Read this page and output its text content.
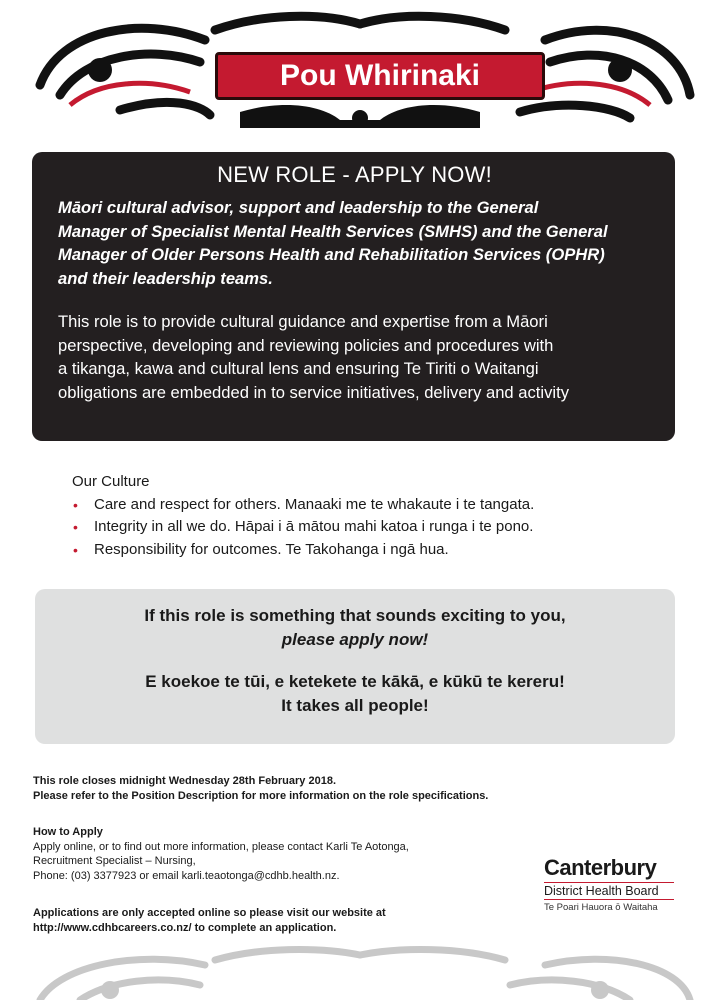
Pou Whirinaki
NEW ROLE - APPLY NOW!

Māori cultural advisor, support and leadership to the General
Manager of Specialist Mental Health Services (SMHS) and the General
Manager of Older Persons Health and Rehabilitation Services (OPHR)
and their leadership teams.

This role is to provide cultural guidance and expertise from a Māori
perspective, developing and reviewing policies and procedures with
a tikanga, kawa and cultural lens and ensuring Te Tiriti o Waitangi
obligations are embedded in to service initiatives, delivery and activity

Our Culture
• Care and respect for others. Manaaki me te whakaute i te tangata.
• Integrity in all we do. Hāpai i ā mātou mahi katoa i runga i te pono.
• Responsibility for outcomes. Te Takohanga i ngā hua.
If this role is something that sounds exciting to you,
please apply now!
E koekoe te tūi, e ketekete te kākā, e kūkū te kereru!
It takes all people!
This role closes midnight Wednesday 28th February 2018.
Please refer to the Position Description for more information on the role specifications.
How to Apply
Apply online, or to find out more information, please contact Karli Te Aotonga,
Recruitment Specialist – Nursing,
Phone: (03) 3377923 or email karli.teaotonga@cdhb.health.nz.
Applications are only accepted online so please visit our website at
http://www.cdhbcareers.co.nz/ to complete an application.
Canterbury
District Health Board
Te Poari Hauora ō Waitaha
